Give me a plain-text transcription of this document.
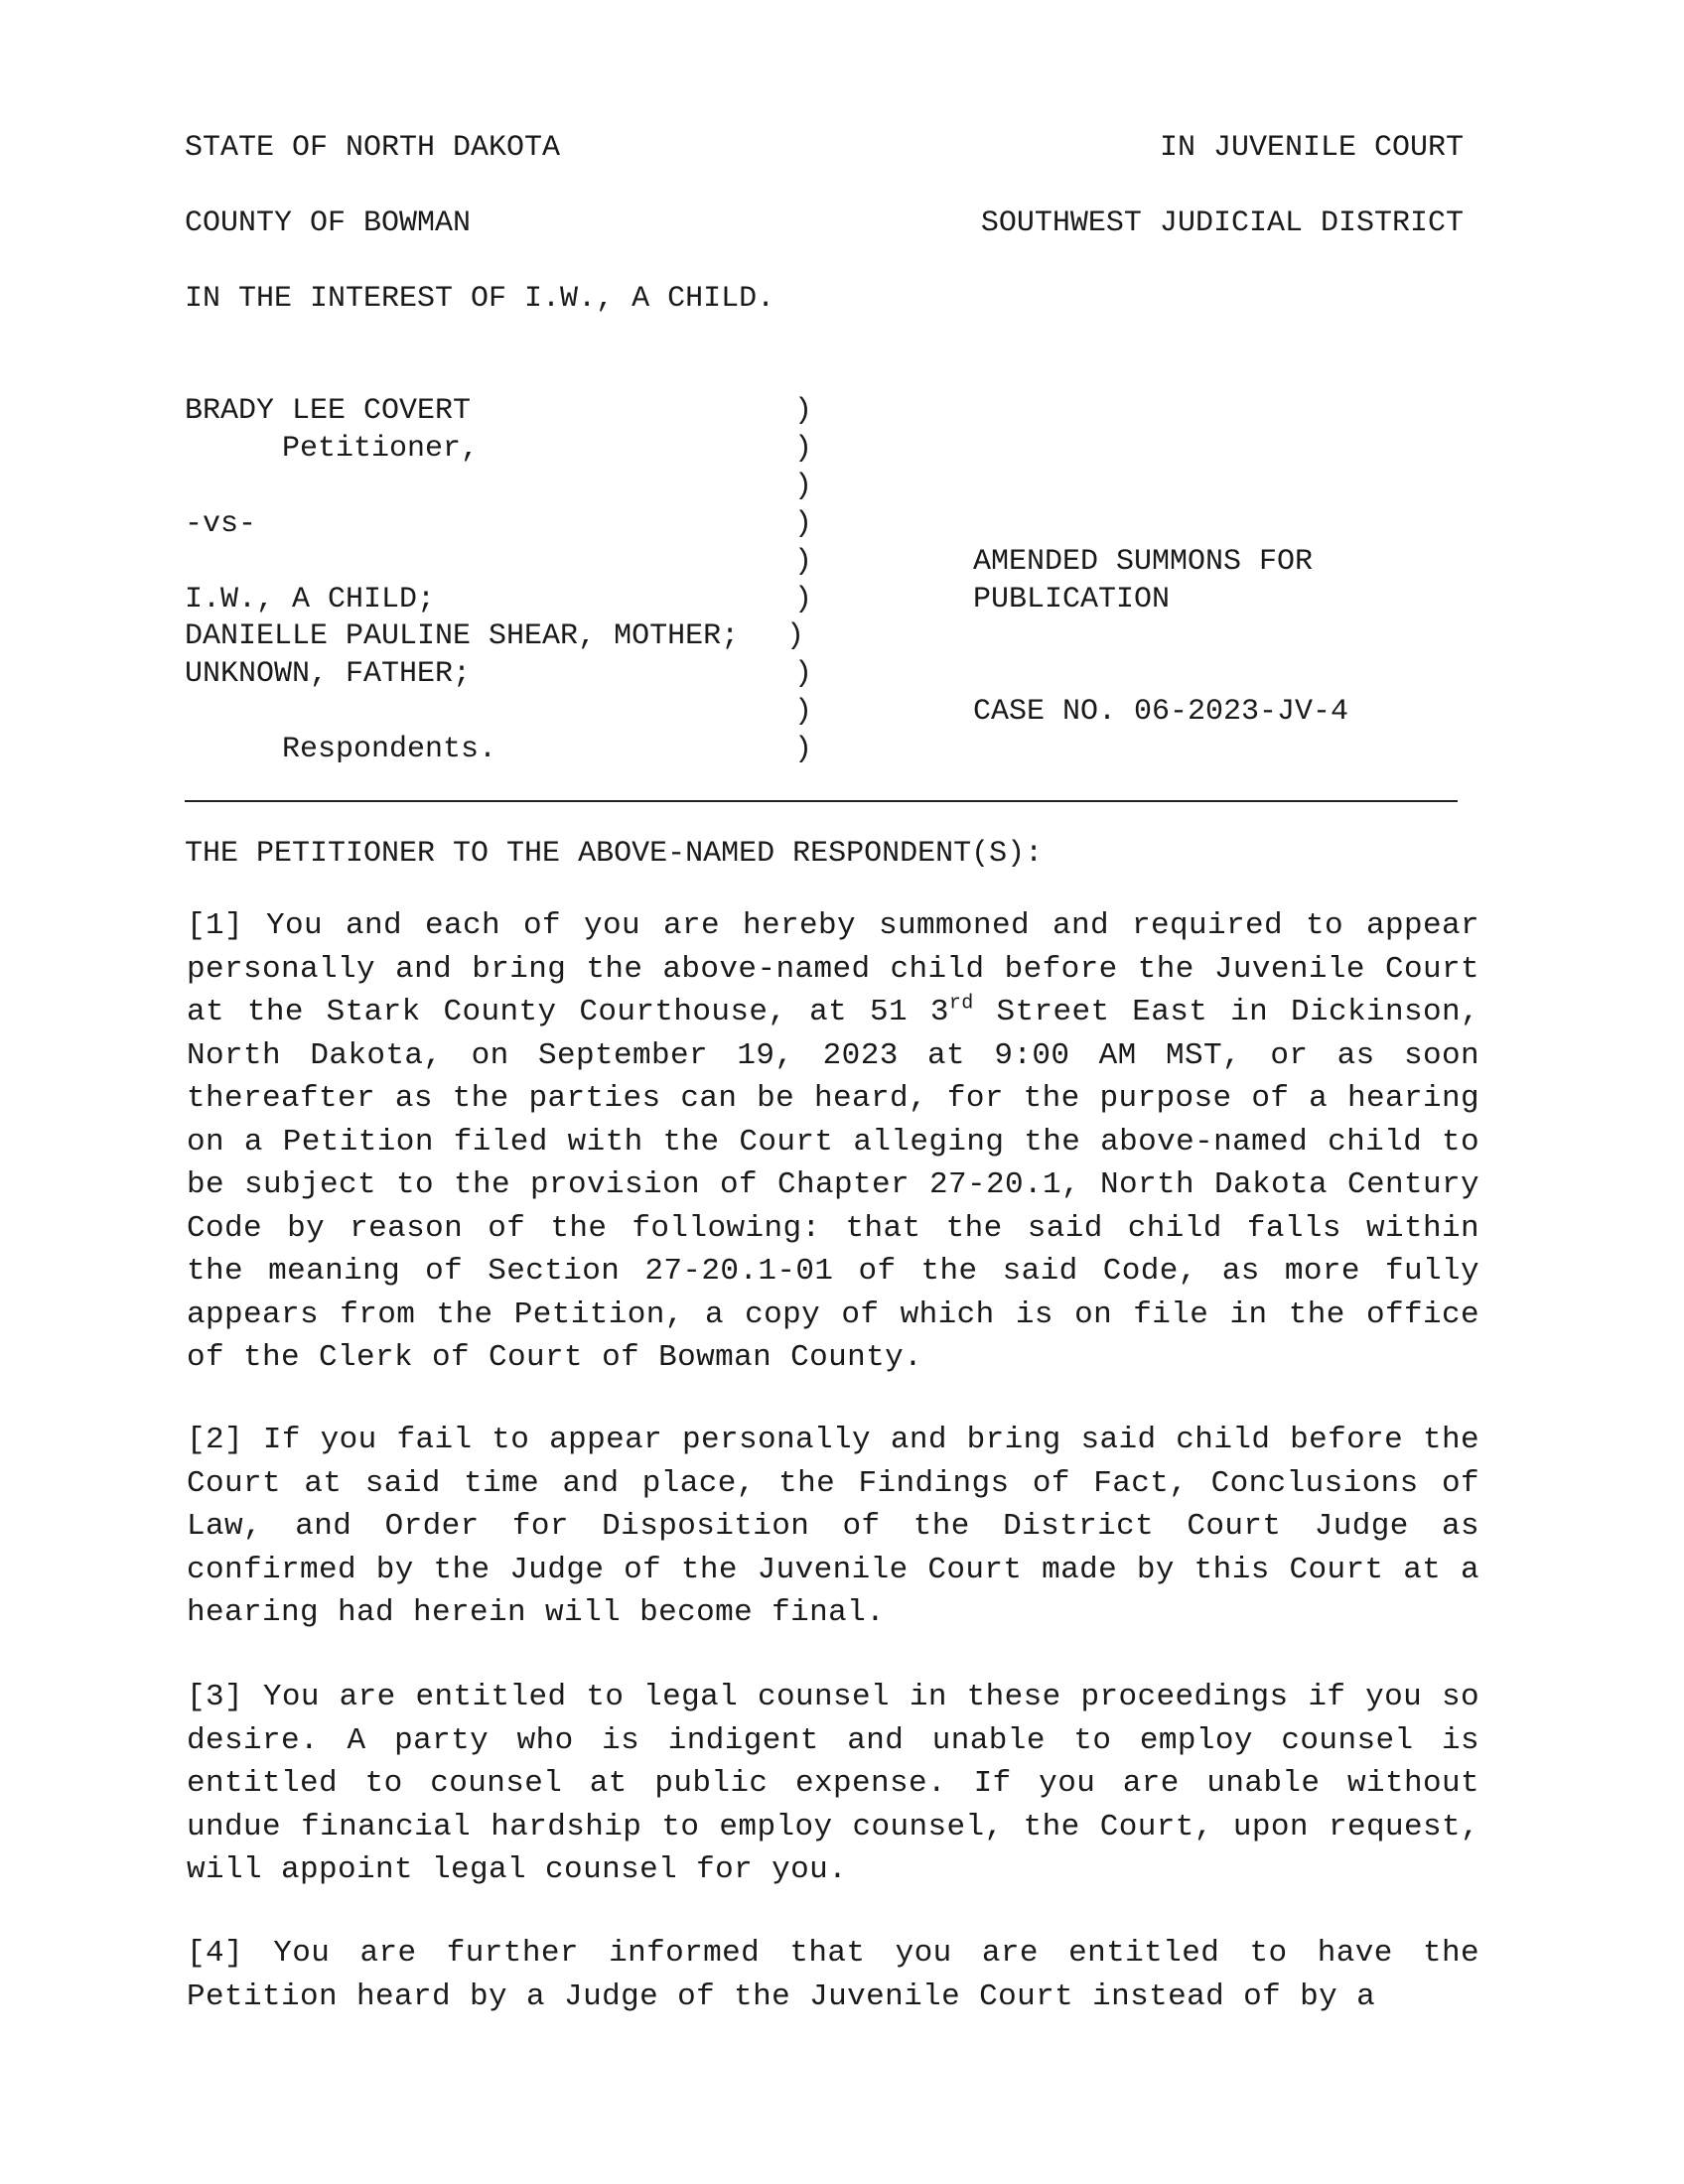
STATE OF NORTH DAKOTA	IN JUVENILE COURT
COUNTY OF BOWMAN	SOUTHWEST JUDICIAL DISTRICT
IN THE INTEREST OF I.W., A CHILD.
BRADY LEE COVERT
Petitioner,
-vs-
I.W., A CHILD;
DANIELLE PAULINE SHEAR, MOTHER;
UNKNOWN, FATHER;
Respondents.
)
)
)
)
)
)
)
)
)
)
AMENDED SUMMONS FOR
PUBLICATION
CASE NO. 06-2023-JV-4
THE PETITIONER TO THE ABOVE-NAMED RESPONDENT(S):
[1] You and each of you are hereby summoned and required to appear personally and bring the above-named child before the Juvenile Court at the Stark County Courthouse, at 51 3rd Street East in Dickinson, North Dakota, on September 19, 2023 at 9:00 AM MST, or as soon thereafter as the parties can be heard, for the purpose of a hearing on a Petition filed with the Court alleging the above-named child to be subject to the provision of Chapter 27-20.1, North Dakota Century Code by reason of the following: that the said child falls within the meaning of Section 27-20.1-01 of the said Code, as more fully appears from the Petition, a copy of which is on file in the office of the Clerk of Court of Bowman County.
[2] If you fail to appear personally and bring said child before the Court at said time and place, the Findings of Fact, Conclusions of Law, and Order for Disposition of the District Court Judge as confirmed by the Judge of the Juvenile Court made by this Court at a hearing had herein will become final.
[3] You are entitled to legal counsel in these proceedings if you so desire. A party who is indigent and unable to employ counsel is entitled to counsel at public expense. If you are unable without undue financial hardship to employ counsel, the Court, upon request, will appoint legal counsel for you.
[4] You are further informed that you are entitled to have the Petition heard by a Judge of the Juvenile Court instead of by a
